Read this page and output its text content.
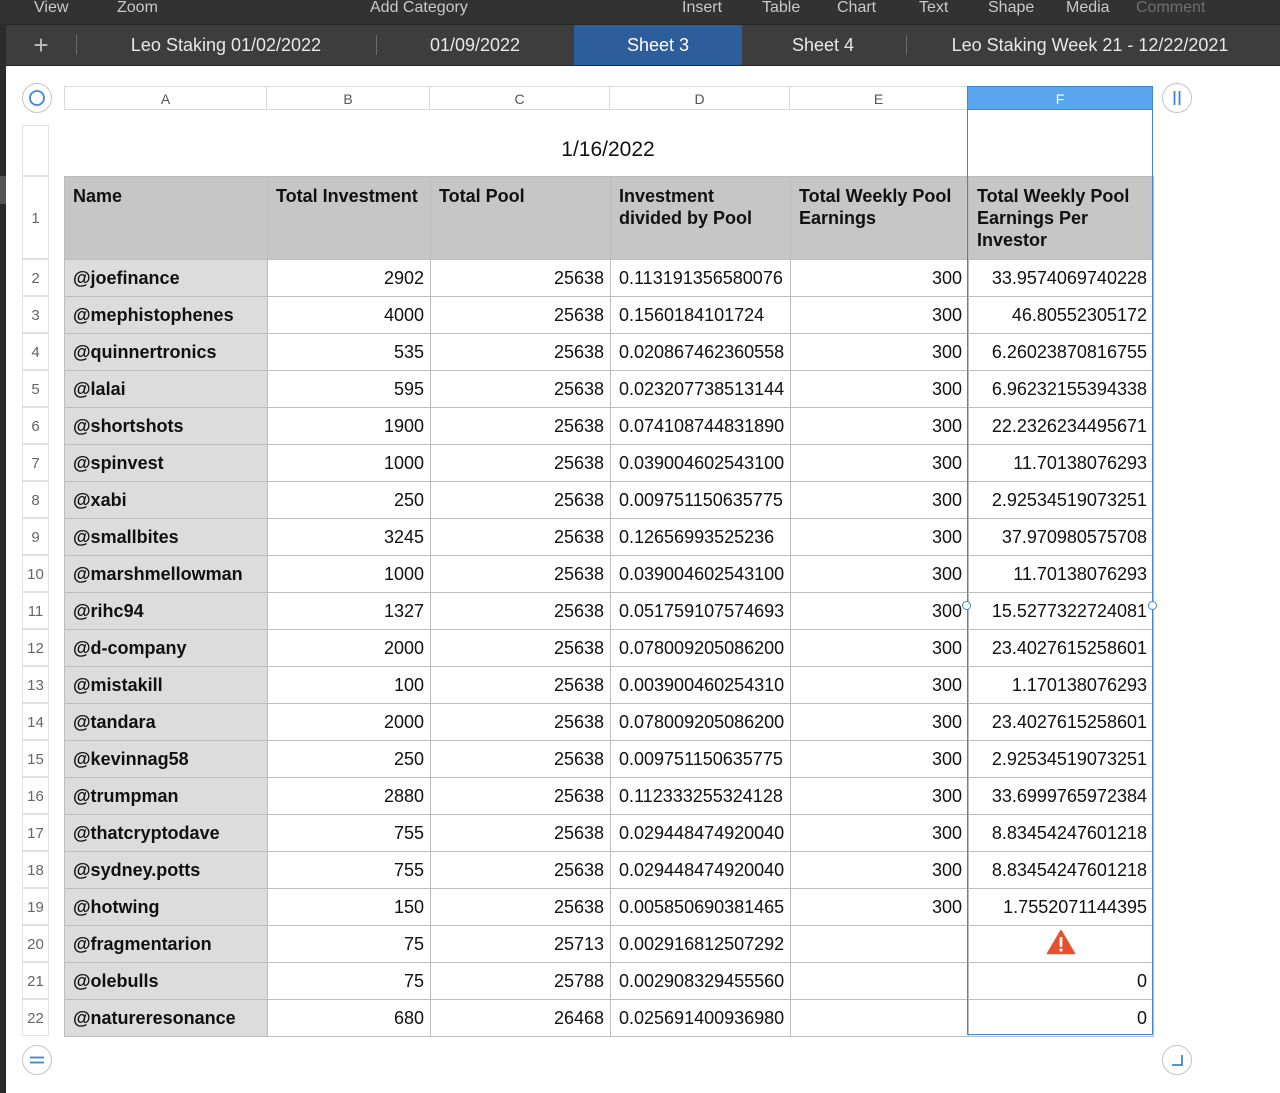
View	Zoom	Add Category	Insert Table Chart	Text Shape Media Comment
+	Leo Staking 01/02/2022	01/09/2022	Sheet 3	Sheet 4	Leo Staking Week 21 - 12/22/2021
A	B	C	D	E	F
1
2
3
4
5
6
7
8
9
10
11
12
13
14
15
16
17
18
19
20
21
22
1/16/2022
Name	Total Investment	Total Pool	Investment divided by Pool	Total Weekly Pool Earnings	Total Weekly Pool Earnings Per Investor
@joefinance	2902	25638	0.113191356580076	300	33.9574069740228
@mephistophenes	4000	25638	0.1560184101724	300	46.80552305172
@quinnertronics	535	25638	0.020867462360558	300	6.26023870816755
@lalai	595	25638	0.023207738513144	300	6.96232155394338
@shortshots	1900	25638	0.074108744831890	300	22.2326234495671
@spinvest	1000	25638	0.039004602543100	300	11.70138076293
@xabi	250	25638	0.009751150635775	300	2.92534519073251
@smallbites	3245	25638	0.12656993525236	300	37.970980575708
@marshmellowman	1000	25638	0.039004602543100	300	11.70138076293
@rihc94	1327	25638	0.051759107574693	300	15.5277322724081
@d-company	2000	25638	0.078009205086200	300	23.4027615258601
@mistakill	100	25638	0.003900460254310	300	1.170138076293
@tandara	2000	25638	0.078009205086200	300	23.4027615258601
@kevinnag58	250	25638	0.009751150635775	300	2.92534519073251
@trumpman	2880	25638	0.112333255324128	300	33.6999765972384
@thatcryptodave	755	25638	0.029448474920040	300	8.83454247601218
@sydney.potts	755	25638	0.029448474920040	300	8.83454247601218
@hotwing	150	25638	0.005850690381465	300	1.7552071144395
@fragmentarion	75	25713	0.002916812507292		
@olebulls	75	25788	0.002908329455560		0
@natureresonance	680	26468	0.025691400936980		0
